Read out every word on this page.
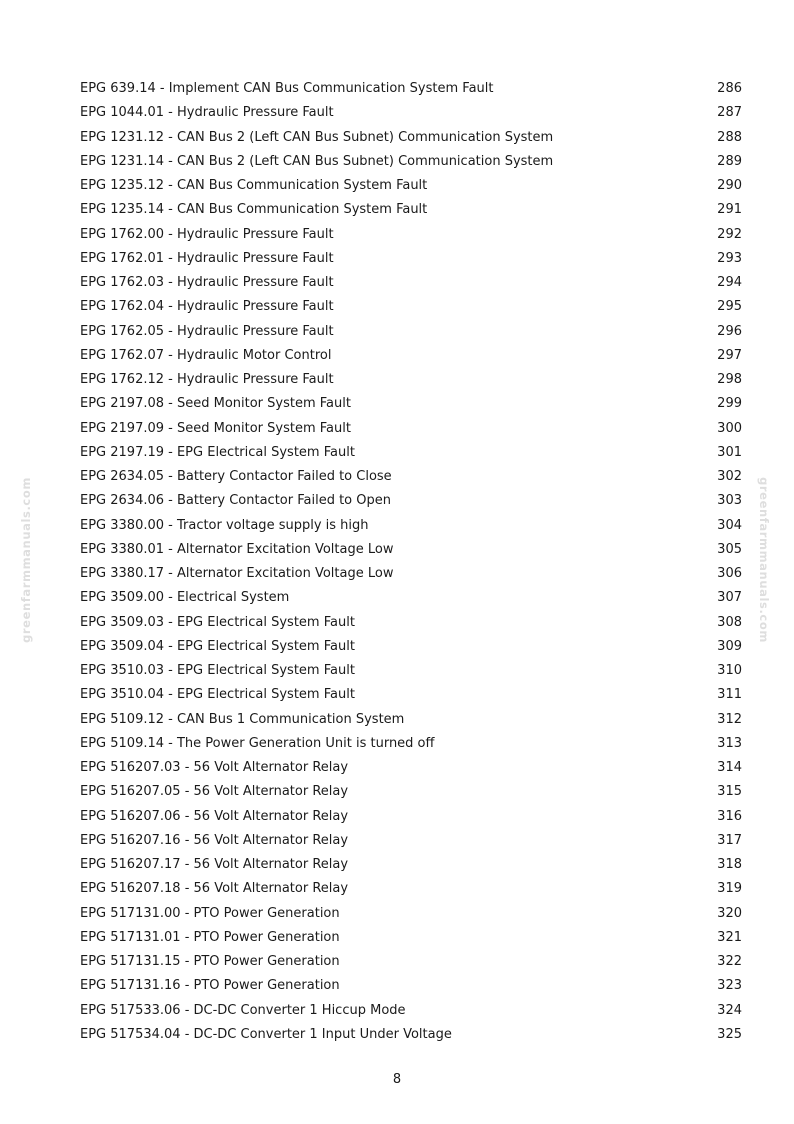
greenfarmmanuals.com	greenfarmmanuals.com
EPG 639.14 - Implement CAN Bus Communication System Fault	286
EPG 1044.01 - Hydraulic Pressure Fault	287
EPG 1231.12 - CAN Bus 2 (Left CAN Bus Subnet) Communication System	288
EPG 1231.14 - CAN Bus 2 (Left CAN Bus Subnet) Communication System	289
EPG 1235.12 - CAN Bus Communication System Fault	290
EPG 1235.14 - CAN Bus Communication System Fault	291
EPG 1762.00 - Hydraulic Pressure Fault	292
EPG 1762.01 - Hydraulic Pressure Fault	293
EPG 1762.03 - Hydraulic Pressure Fault	294
EPG 1762.04 - Hydraulic Pressure Fault	295
EPG 1762.05 - Hydraulic Pressure Fault	296
EPG 1762.07 - Hydraulic Motor Control	297
EPG 1762.12 - Hydraulic Pressure Fault	298
EPG 2197.08 - Seed Monitor System Fault	299
EPG 2197.09 - Seed Monitor System Fault	300
EPG 2197.19 - EPG Electrical System Fault	301
EPG 2634.05 - Battery Contactor Failed to Close	302
EPG 2634.06 - Battery Contactor Failed to Open	303
EPG 3380.00 - Tractor voltage supply is high	304
EPG 3380.01 - Alternator Excitation Voltage Low	305
EPG 3380.17 - Alternator Excitation Voltage Low	306
EPG 3509.00 - Electrical System	307
EPG 3509.03 - EPG Electrical System Fault	308
EPG 3509.04 - EPG Electrical System Fault	309
EPG 3510.03 - EPG Electrical System Fault	310
EPG 3510.04 - EPG Electrical System Fault	311
EPG 5109.12 - CAN Bus 1 Communication System	312
EPG 5109.14 - The Power Generation Unit is turned off	313
EPG 516207.03 - 56 Volt Alternator Relay	314
EPG 516207.05 - 56 Volt Alternator Relay	315
EPG 516207.06 - 56 Volt Alternator Relay	316
EPG 516207.16 - 56 Volt Alternator Relay	317
EPG 516207.17 - 56 Volt Alternator Relay	318
EPG 516207.18 - 56 Volt Alternator Relay	319
EPG 517131.00 - PTO Power Generation	320
EPG 517131.01 - PTO Power Generation	321
EPG 517131.15 - PTO Power Generation	322
EPG 517131.16 - PTO Power Generation	323
EPG 517533.06 - DC-DC Converter 1 Hiccup Mode	324
EPG 517534.04 - DC-DC Converter 1 Input Under Voltage	325
8
